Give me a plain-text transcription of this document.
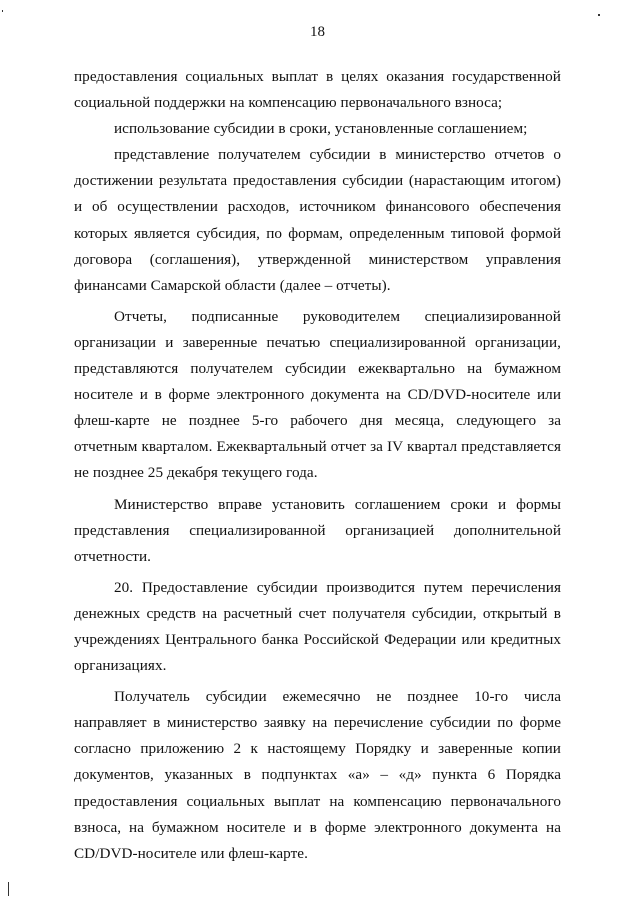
18

предоставления социальных выплат в целях оказания государственной социальной поддержки на компенсацию первоначального взноса;

использование субсидии в сроки, установленные соглашением;

представление получателем субсидии в министерство отчетов о достижении результата предоставления субсидии (нарастающим итогом) и об осуществлении расходов, источником финансового обеспечения которых является субсидия, по формам, определенным типовой формой договора (соглашения), утвержденной министерством управления финансами Самарской области (далее – отчеты).

Отчеты, подписанные руководителем специализированной организации и заверенные печатью специализированной организации, представляются получателем субсидии ежеквартально на бумажном носителе и в форме электронного документа на CD/DVD-носителе или флеш-карте не позднее 5-го рабочего дня месяца, следующего за отчетным кварталом. Ежеквартальный отчет за IV квартал представляется не позднее 25 декабря текущего года.

Министерство вправе установить соглашением сроки и формы представления специализированной организацией дополнительной отчетности.

20. Предоставление субсидии производится путем перечисления денежных средств на расчетный счет получателя субсидии, открытый в учреждениях Центрального банка Российской Федерации или кредитных организациях.

Получатель субсидии ежемесячно не позднее 10-го числа направляет в министерство заявку на перечисление субсидии по форме согласно приложению 2 к настоящему Порядку и заверенные копии документов, указанных в подпунктах «а» – «д» пункта 6 Порядка предоставления социальных выплат на компенсацию первоначального взноса, на бумажном носителе и в форме электронного документа на CD/DVD-носителе или флеш-карте.
